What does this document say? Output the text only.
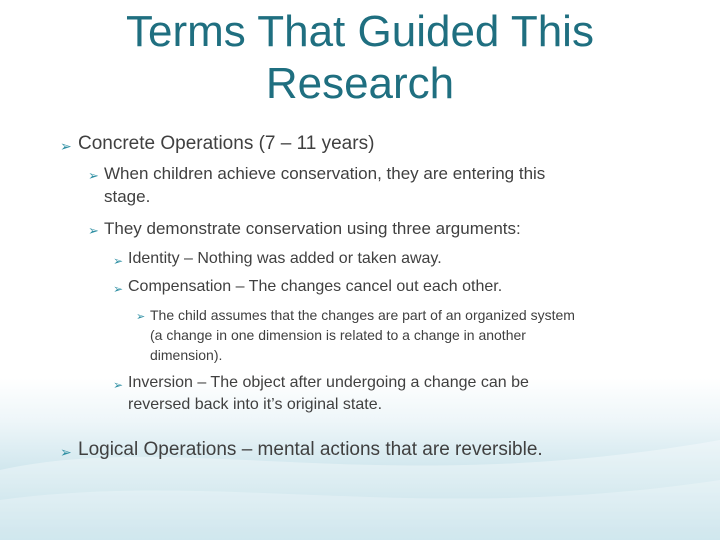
Terms That Guided This
Research
➢ Concrete Operations (7 – 11 years)
➢ When children achieve conservation, they are entering this
stage.
➢ They demonstrate conservation using three arguments:
➢ Identity – Nothing was added or taken away.
➢ Compensation – The changes cancel out each other.
➢ The child assumes that the changes are part of an organized system
(a change in one dimension is related to a change in another
dimension).
➢ Inversion – The object after undergoing a change can be
reversed back into it’s original state.
➢ Logical Operations – mental actions that are reversible.
